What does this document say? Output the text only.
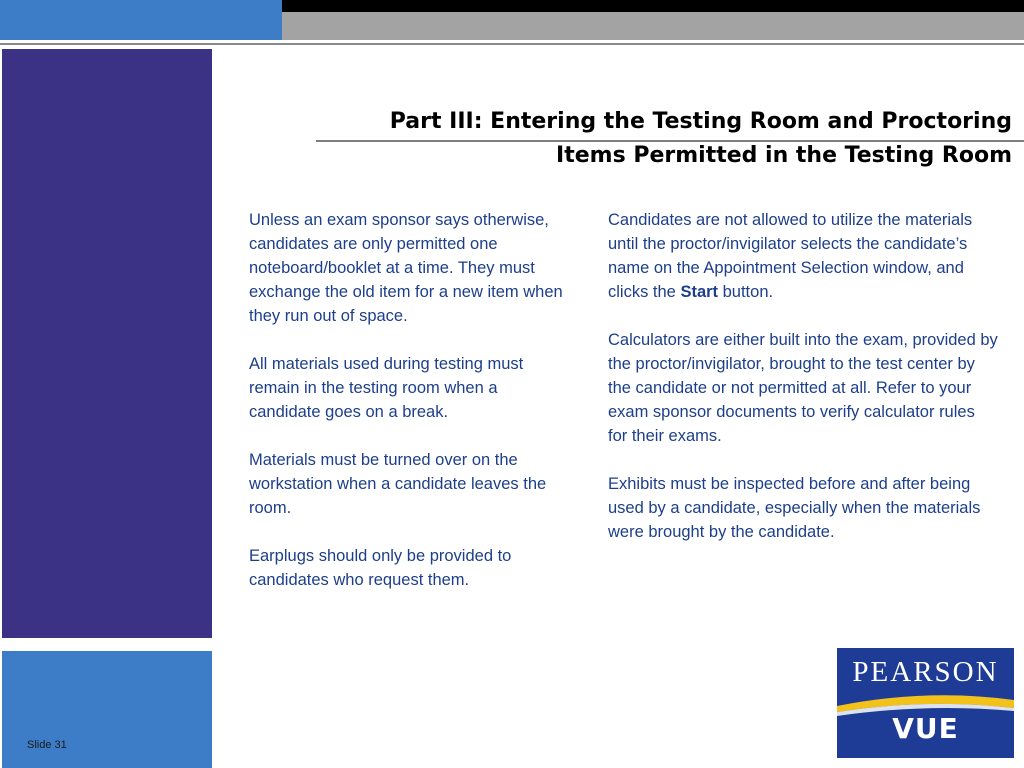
Slide 31
Part III: Entering the Testing Room and Proctoring
Items Permitted in the Testing Room

Unless an exam sponsor says otherwise, candidates are only permitted one noteboard/booklet at a time. They must exchange the old item for a new item when they run out of space.

All materials used during testing must remain in the testing room when a candidate goes on a break.

Materials must be turned over on the workstation when a candidate leaves the room.

Earplugs should only be provided to candidates who request them.

Candidates are not allowed to utilize the materials until the proctor/invigilator selects the candidate’s name on the Appointment Selection window, and clicks the Start button.

Calculators are either built into the exam, provided by the proctor/invigilator, brought to the test center by the candidate or not permitted at all. Refer to your exam sponsor documents to verify calculator rules for their exams.

Exhibits must be inspected before and after being used by a candidate, especially when the materials were brought by the candidate.

PEARSON
VUE
